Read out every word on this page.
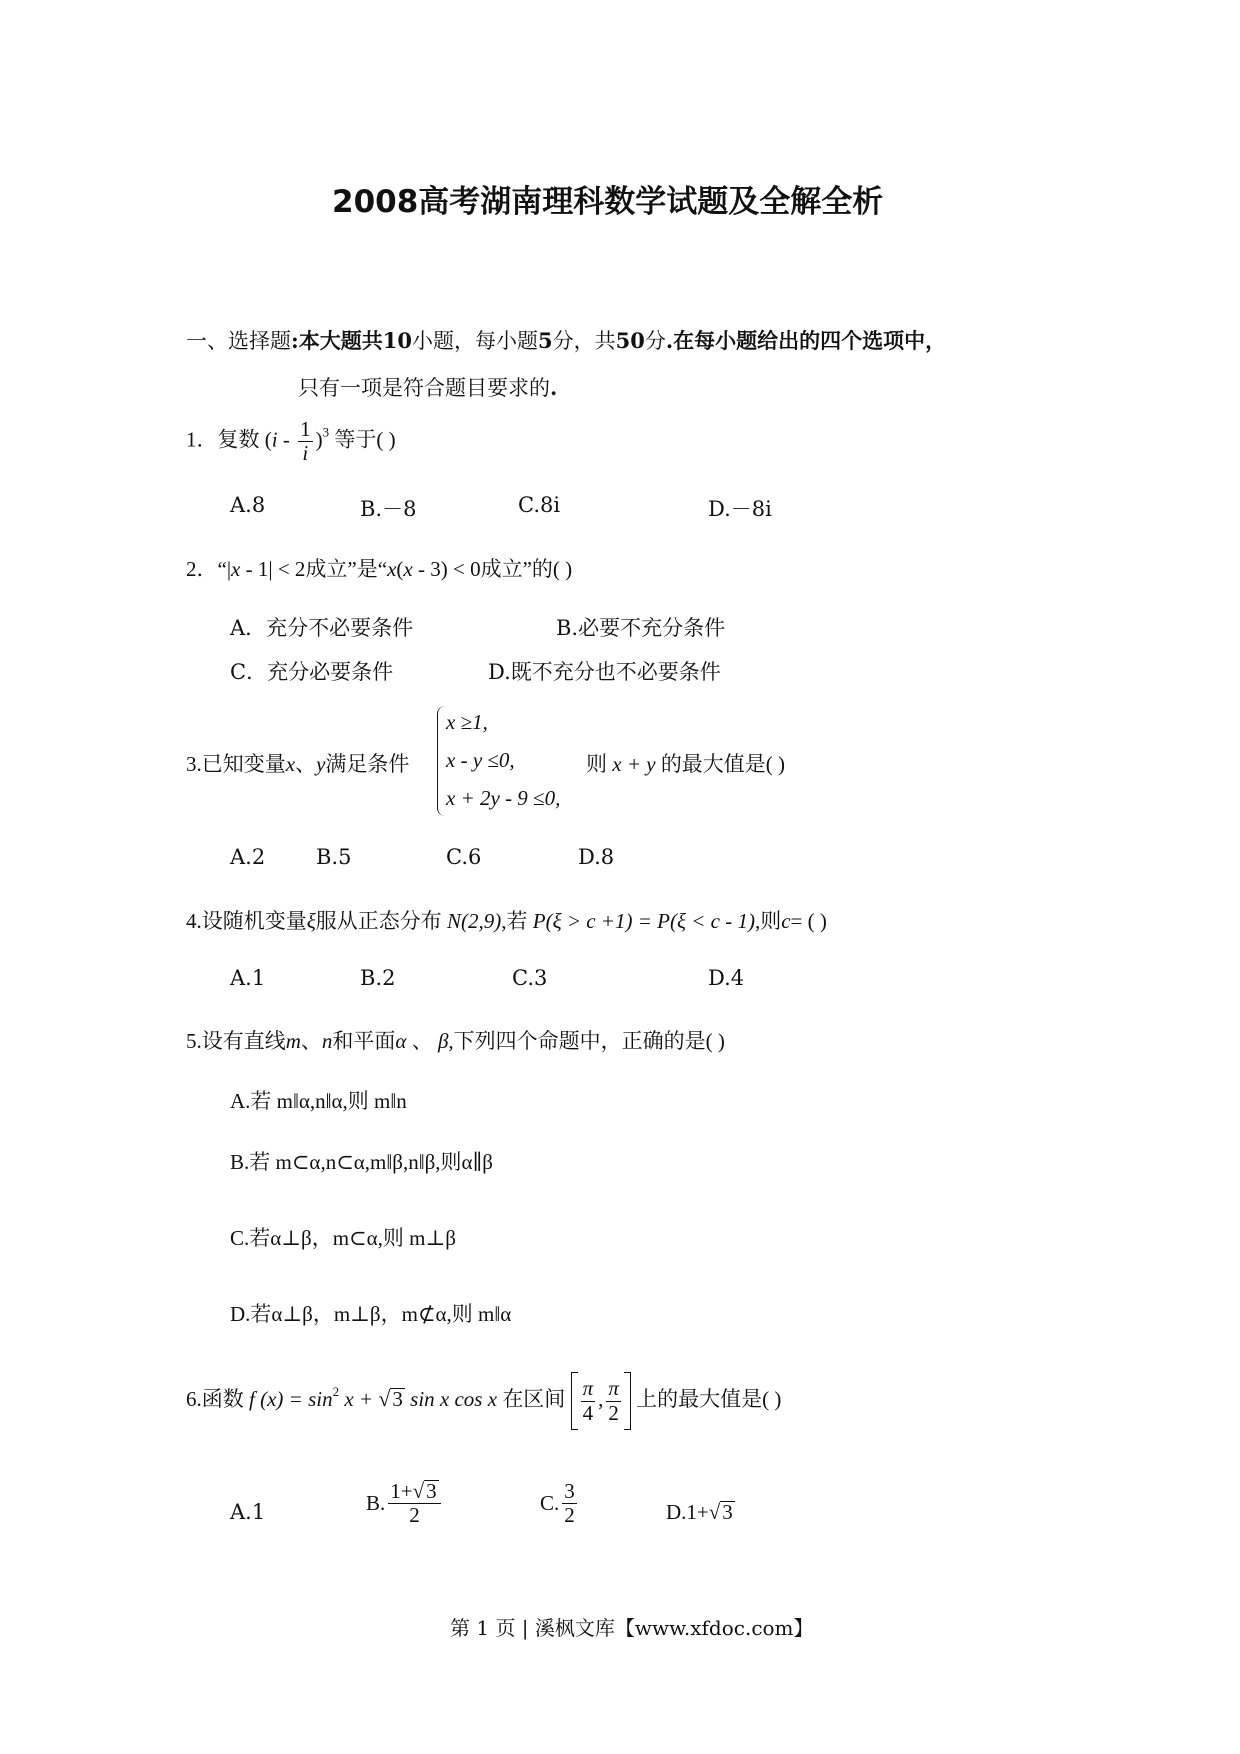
2008高考湖南理科数学试题及全解全析
一、选择题:本大题共10小题，每小题5分，共50分.在每小题给出的四个选项中，
只有一项是符合题目要求的.
1．复数 $(i - \frac{1}{i} )^3$ 等于( )
A.8	B.－8	C.8i	D.－8i
2．“|x - 1| < 2成立”是“x(x - 3) < 0成立”的( )
A．充分不必要条件	B.必要不充分条件
C．充分必要条件	D.既不充分也不必要条件
3.已知变量x、y满足条件
x ≥1,
x - y ≤0,
x + 2y - 9 ≤0,
则 x + y 的最大值是( )
A.2 B.5	C.6	D.8
4.设随机变量ξ服从正态分布 N(2,9),若 P(ξ > c +1) = P(ξ < c - 1),则c= ( )
A.1	B.2	C.3	D.4
5.设有直线m、n和平面α 、 β,下列四个命题中，正确的是( )
A.若 m‖α,n‖α,则 m‖n
B.若 m⊂α,n⊂α,m‖β,n‖β,则α∥β
C.若α⊥β，m⊂α,则 m⊥β
D.若α⊥β，m⊥β，m⊄α,则 m‖α
6.函数 f $(x) = \sin^2 x + √3$ sin x cos x 在区间 $\frac{\pi}{4}$ , $\frac{\pi}{2}$ 上的最大值是( )
A.1	B. $\frac{1+√3}{2}$	C. $\frac{3}{2}$	D.1+√3
第 1 页 | 溪枫文库【www.xfdoc.com】
